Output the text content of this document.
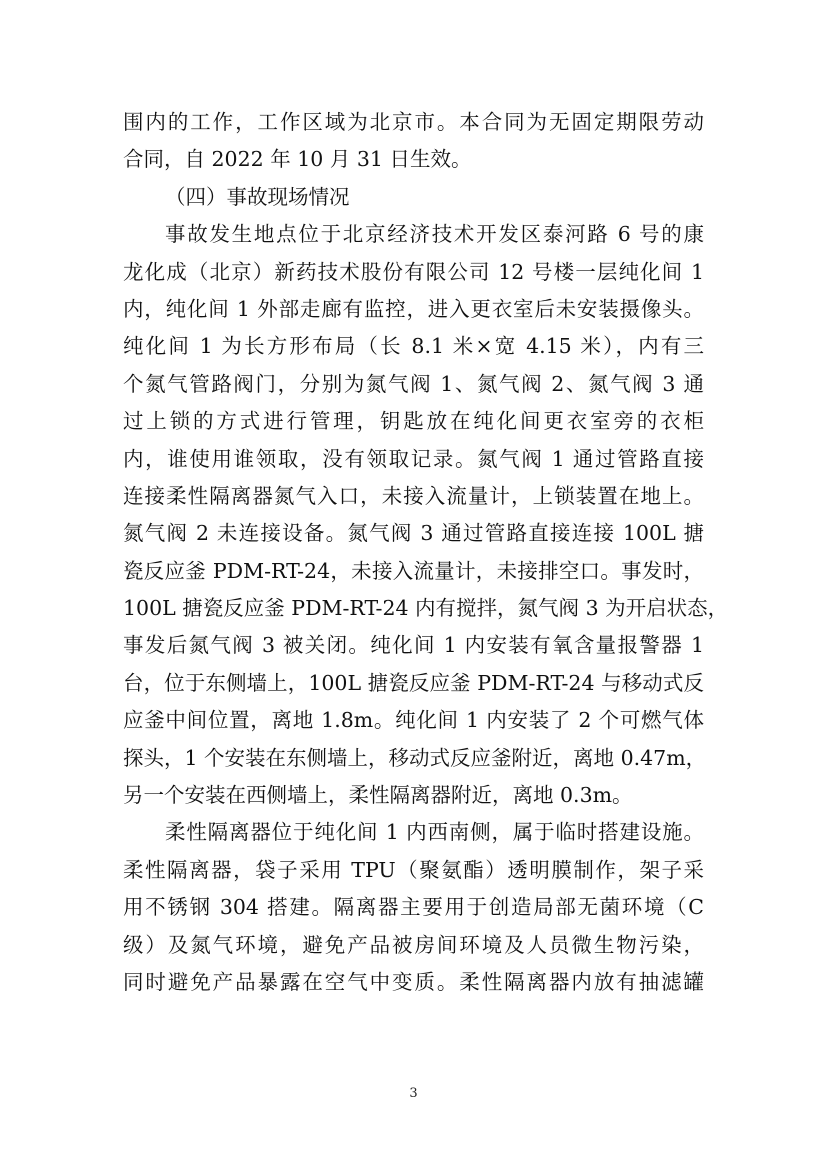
围内的工作，工作区域为北京市。本合同为无固定期限劳动
合同，自 2022 年 10 月 31 日生效。
（四）事故现场情况
事故发生地点位于北京经济技术开发区泰河路 6 号的康
龙化成（北京）新药技术股份有限公司 12 号楼一层纯化间 1
内，纯化间 1 外部走廊有监控，进入更衣室后未安装摄像头。
纯化间 1 为长方形布局（长 8.1 米×宽 4.15 米），内有三
个氮气管路阀门，分别为氮气阀 1、氮气阀 2、氮气阀 3 通
过上锁的方式进行管理，钥匙放在纯化间更衣室旁的衣柜
内，谁使用谁领取，没有领取记录。氮气阀 1 通过管路直接
连接柔性隔离器氮气入口，未接入流量计，上锁装置在地上。
氮气阀 2 未连接设备。氮气阀 3 通过管路直接连接 100L 搪
瓷反应釜 PDM-RT-24，未接入流量计，未接排空口。事发时，
100L 搪瓷反应釜 PDM-RT-24 内有搅拌，氮气阀 3 为开启状态，
事发后氮气阀 3 被关闭。纯化间 1 内安装有氧含量报警器 1
台，位于东侧墙上，100L 搪瓷反应釜 PDM-RT-24 与移动式反
应釜中间位置，离地 1.8m。纯化间 1 内安装了 2 个可燃气体
探头，1 个安装在东侧墙上，移动式反应釜附近，离地 0.47m，
另一个安装在西侧墙上，柔性隔离器附近，离地 0.3m。
柔性隔离器位于纯化间 1 内西南侧，属于临时搭建设施。
柔性隔离器，袋子采用 TPU（聚氨酯）透明膜制作，架子采
用不锈钢 304 搭建。隔离器主要用于创造局部无菌环境（C
级）及氮气环境，避免产品被房间环境及人员微生物污染，
同时避免产品暴露在空气中变质。柔性隔离器内放有抽滤罐
3
